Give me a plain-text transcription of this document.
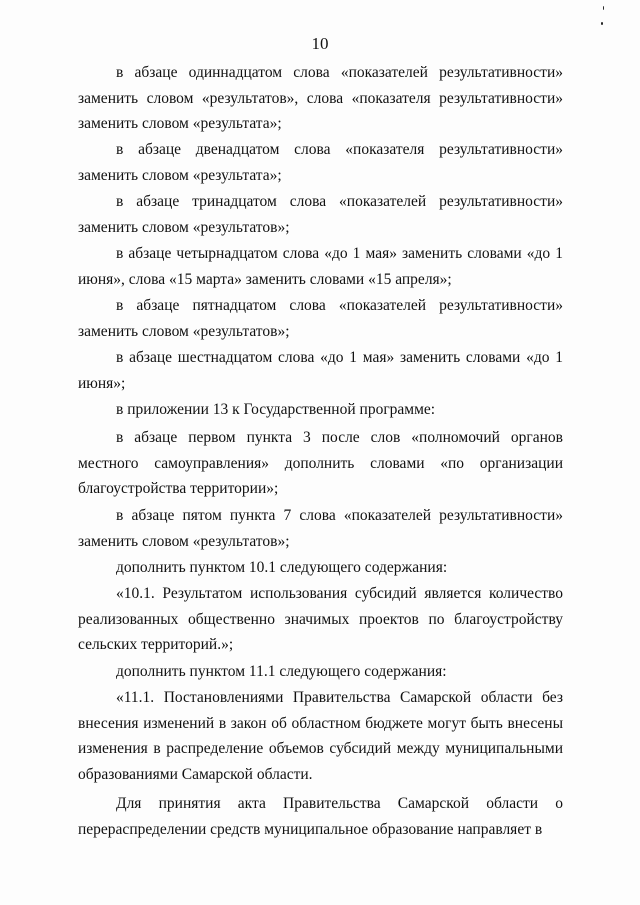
10

в абзаце одиннадцатом слова «показателей результативности» заменить словом «результатов», слова «показателя результативности» заменить словом «результата»;

в абзаце двенадцатом слова «показателя результативности» заменить словом «результата»;

в абзаце тринадцатом слова «показателей результативности» заменить словом «результатов»;

в абзаце четырнадцатом слова «до 1 мая» заменить словами «до 1 июня», слова «15 марта» заменить словами «15 апреля»;

в абзаце пятнадцатом слова «показателей результативности» заменить словом «результатов»;

в абзаце шестнадцатом слова «до 1 мая» заменить словами «до 1 июня»;

в приложении 13 к Государственной программе:

в абзаце первом пункта 3 после слов «полномочий органов местного самоуправления» дополнить словами «по организации благоустройства территории»;

в абзаце пятом пункта 7 слова «показателей результативности» заменить словом «результатов»;

дополнить пунктом 10.1 следующего содержания:

«10.1. Результатом использования субсидий является количество реализованных общественно значимых проектов по благоустройству сельских территорий.»;

дополнить пунктом 11.1 следующего содержания:

«11.1. Постановлениями Правительства Самарской области без внесения изменений в закон об областном бюджете могут быть внесены изменения в распределение объемов субсидий между муниципальными образованиями Самарской области.

Для принятия акта Правительства Самарской области о перераспределении средств муниципальное образование направляет в
